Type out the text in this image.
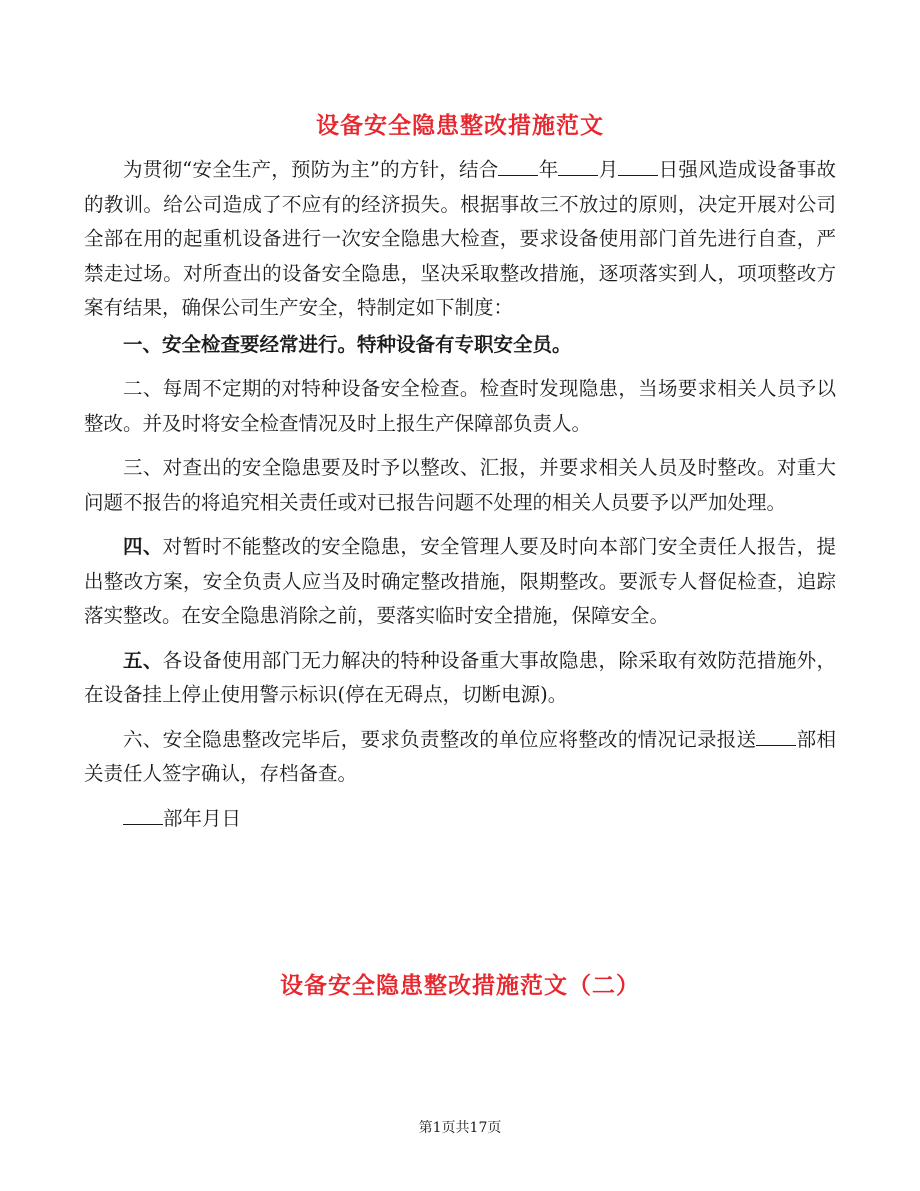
设备安全隐患整改措施范文

为贯彻“安全生产，预防为主”的方针，结合 年 月 日强风造成设备事故的教训。给公司造成了不应有的经济损失。根据事故三不放过的原则，决定开展对公司全部在用的起重机设备进行一次安全隐患大检查，要求设备使用部门首先进行自查，严禁走过场。对所查出的设备安全隐患，坚决采取整改措施，逐项落实到人，项项整改方案有结果，确保公司生产安全，特制定如下制度：

一、安全检查要经常进行。特种设备有专职安全员。

二、每周不定期的对特种设备安全检查。检查时发现隐患，当场要求相关人员予以整改。并及时将安全检查情况及时上报生产保障部负责人。

三、对查出的安全隐患要及时予以整改、汇报，并要求相关人员及时整改。对重大问题不报告的将追究相关责任或对已报告问题不处理的相关人员要予以严加处理。

四、对暂时不能整改的安全隐患，安全管理人要及时向本部门安全责任人报告，提出整改方案，安全负责人应当及时确定整改措施，限期整改。要派专人督促检查，追踪落实整改。在安全隐患消除之前，要落实临时安全措施，保障安全。

五、各设备使用部门无力解决的特种设备重大事故隐患，除采取有效防范措施外，在设备挂上停止使用警示标识(停在无碍点，切断电源)。

六、安全隐患整改完毕后，要求负责整改的单位应将整改的情况记录报送 部相关责任人签字确认，存档备查。

部年月日

设备安全隐患整改措施范文（二）
第1页共17页
